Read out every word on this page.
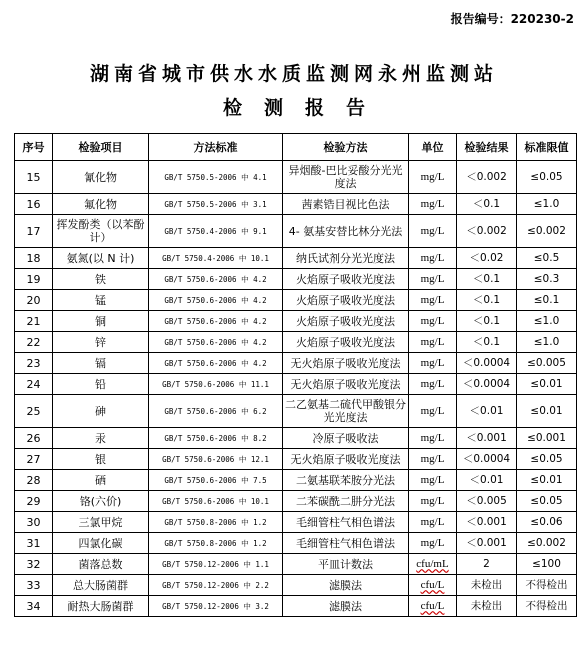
报告编号：220230-2
湖南省城市供水水质监测网永州监测站
检测报告
序号	检验项目	方法标准	检验方法	单位	检验结果	标准限值
15	氰化物	GB/T 5750.5-2006 中 4.1	异烟酸-巴比妥酸分光光度法	mg/L	＜0.002	≤0.05
16	氟化物	GB/T 5750.5-2006 中 3.1	茜素锆目视比色法	mg/L	＜0.1	≤1.0
17	挥发酚类（以苯酚计）	GB/T 5750.4-2006 中 9.1	4- 氨基安替比林分光法	mg/L	＜0.002	≤0.002
18	氨氮(以 N 计)	GB/T 5750.4-2006 中 10.1	纳氏试剂分光光度法	mg/L	＜0.02	≤0.5
19	铁	GB/T 5750.6-2006 中 4.2	火焰原子吸收光度法	mg/L	＜0.1	≤0.3
20	锰	GB/T 5750.6-2006 中 4.2	火焰原子吸收光度法	mg/L	＜0.1	≤0.1
21	铜	GB/T 5750.6-2006 中 4.2	火焰原子吸收光度法	mg/L	＜0.1	≤1.0
22	锌	GB/T 5750.6-2006 中 4.2	火焰原子吸收光度法	mg/L	＜0.1	≤1.0
23	镉	GB/T 5750.6-2006 中 4.2	无火焰原子吸收光度法	mg/L	＜0.0004	≤0.005
24	铅	GB/T 5750.6-2006 中 11.1	无火焰原子吸收光度法	mg/L	＜0.0004	≤0.01
25	砷	GB/T 5750.6-2006 中 6.2	二乙氨基二硫代甲酸银分光光度法	mg/L	＜0.01	≤0.01
26	汞	GB/T 5750.6-2006 中 8.2	冷原子吸收法	mg/L	＜0.001	≤0.001
27	银	GB/T 5750.6-2006 中 12.1	无火焰原子吸收光度法	mg/L	＜0.0004	≤0.05
28	硒	GB/T 5750.6-2006 中 7.5	二氨基联苯胺分光法	mg/L	＜0.01	≤0.01
29	铬(六价)	GB/T 5750.6-2006 中 10.1	二苯碳酰二肼分光法	mg/L	＜0.005	≤0.05
30	三氯甲烷	GB/T 5750.8-2006 中 1.2	毛细管柱气相色谱法	mg/L	＜0.001	≤0.06
31	四氯化碳	GB/T 5750.8-2006 中 1.2	毛细管柱气相色谱法	mg/L	＜0.001	≤0.002
32	菌落总数	GB/T 5750.12-2006 中 1.1	平皿计数法	cfu/mL	2	≤100
33	总大肠菌群	GB/T 5750.12-2006 中 2.2	滤膜法	cfu/L	未检出	不得检出
34	耐热大肠菌群	GB/T 5750.12-2006 中 3.2	滤膜法	cfu/L	未检出	不得检出
